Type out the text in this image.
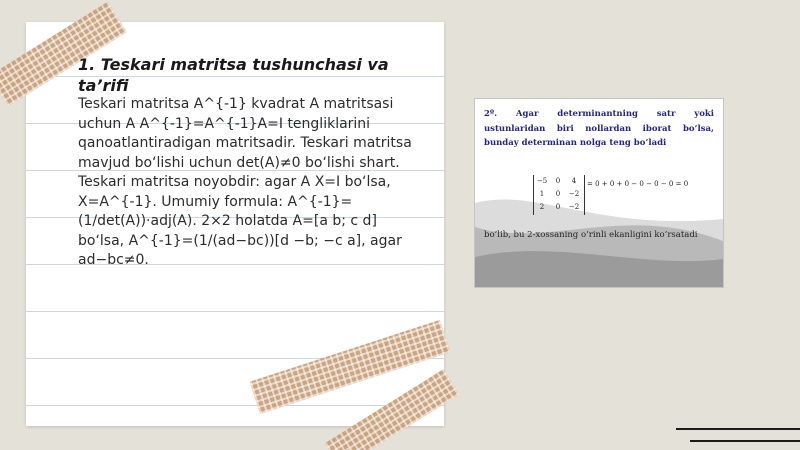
1. Teskari matritsa tushunchasi va ta’rifi

Teskari matritsa A^{-1} kvadrat A matritsasi uchun A A^{-1}=A^{-1}A=I tengliklarini qanoatlantiradigan matritsadir. Teskari matritsa mavjud bo‘lishi uchun det(A)≠0 bo‘lishi shart. Teskari matritsa noyobdir: agar A X=I bo‘lsa, X=A^{-1}. Umumiy formula: A^{-1}=(1/det(A))·adj(A). 2×2 holatda A=[a b; c d] bo‘lsa, A^{-1}=(1/(ad−bc))[d −b; −c a], agar ad−bc≠0.

2º. Agar determinantning satr yoki ustunlaridan biri nollardan iborat bo’lsa, bunday determinan nolga teng bo’ladi

−5	0	4
1	0	−2
2	0	−2

= 0 + 0 + 0 − 0 − 0 − 0 = 0

bo’lib, bu 2-xossaning o’rinli ekanligini ko’rsatadi
